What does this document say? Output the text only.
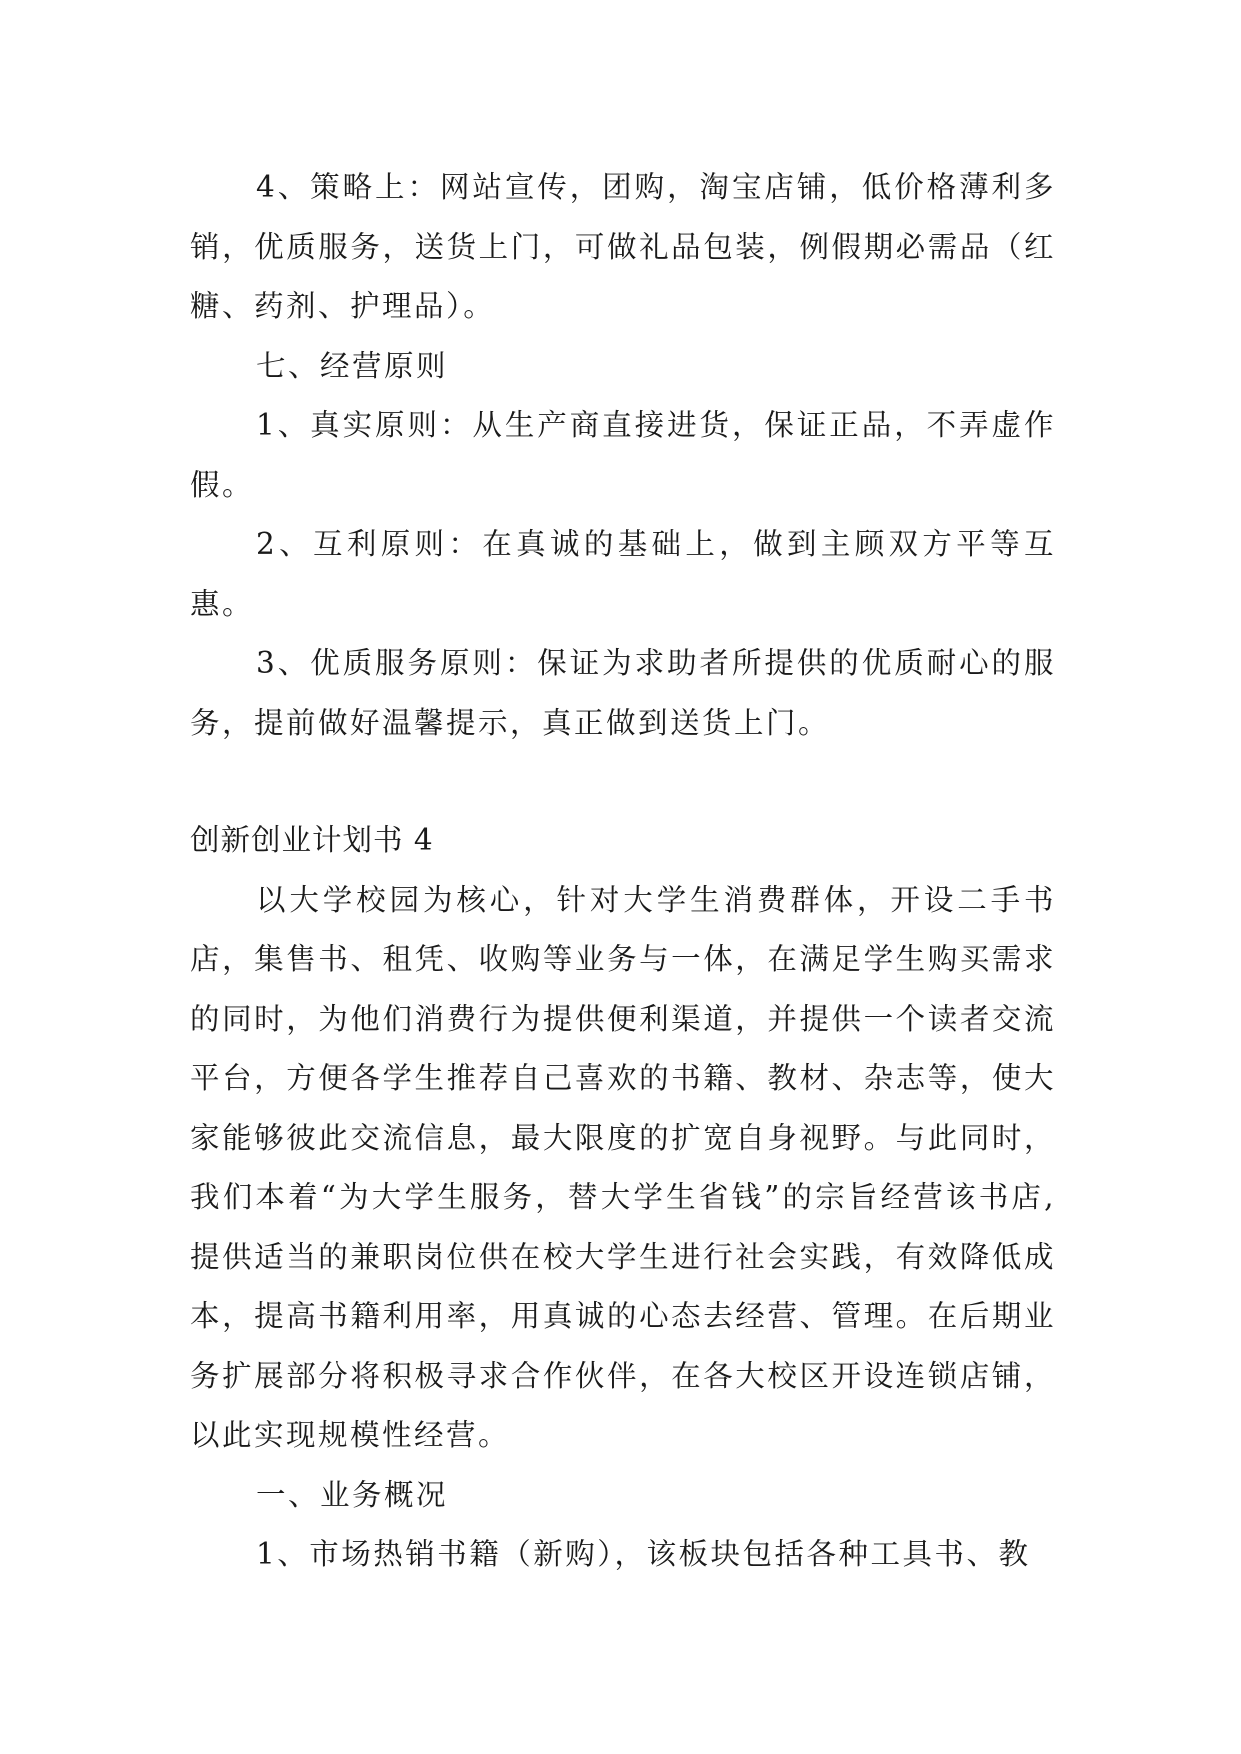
4、策略上：网站宣传，团购，淘宝店铺，低价格薄利多销，优质服务，送货上门，可做礼品包装，例假期必需品（红糖、药剂、护理品）。

七、经营原则

1、真实原则：从生产商直接进货，保证正品，不弄虚作假。

2、互利原则：在真诚的基础上，做到主顾双方平等互惠。

3、优质服务原则：保证为求助者所提供的优质耐心的服务，提前做好温馨提示，真正做到送货上门。

创新创业计划书 4

以大学校园为核心，针对大学生消费群体，开设二手书店，集售书、租凭、收购等业务与一体，在满足学生购买需求的同时，为他们消费行为提供便利渠道，并提供一个读者交流平台，方便各学生推荐自己喜欢的书籍、教材、杂志等，使大家能够彼此交流信息，最大限度的扩宽自身视野。与此同时，我们本着“为大学生服务，替大学生省钱”的宗旨经营该书店,提供适当的兼职岗位供在校大学生进行社会实践，有效降低成本，提高书籍利用率，用真诚的心态去经营、管理。在后期业务扩展部分将积极寻求合作伙伴，在各大校区开设连锁店铺，以此实现规模性经营。

一、业务概况

1、市场热销书籍（新购），该板块包括各种工具书、教
